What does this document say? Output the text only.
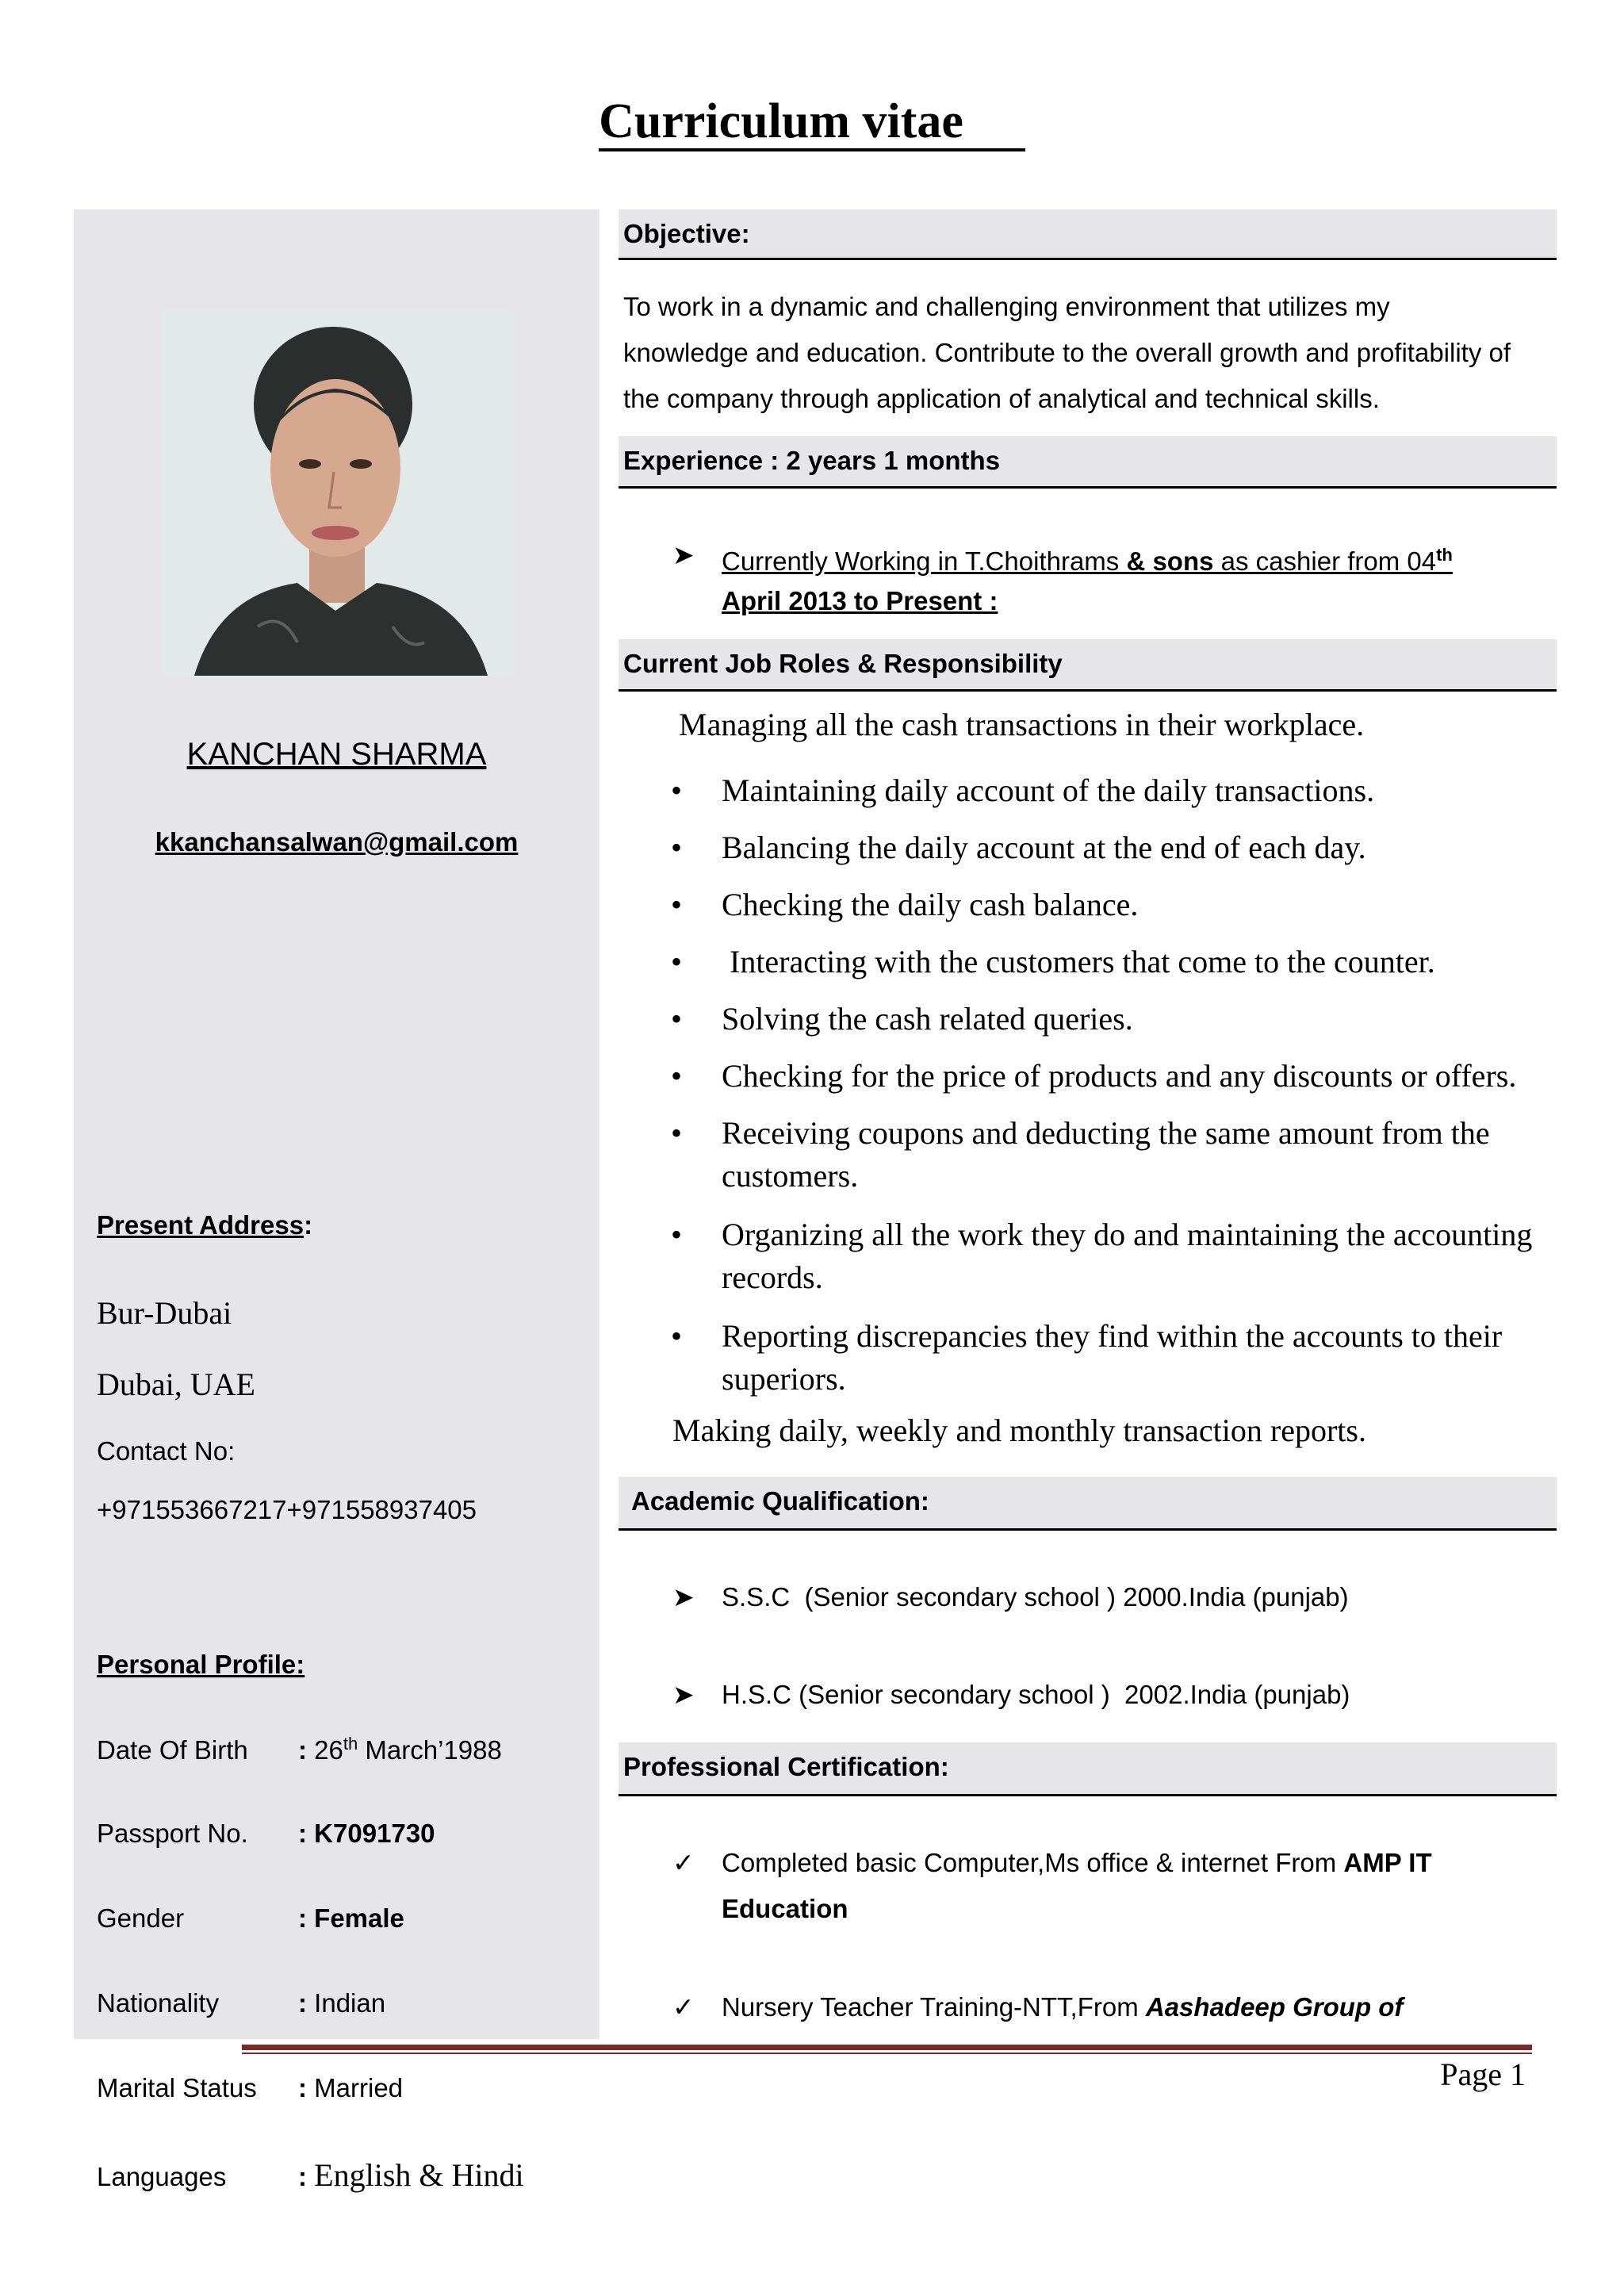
Curriculum vitae
KANCHAN SHARMA
kkanchansalwan@gmail.com
Present Address:
Bur-Dubai
Dubai, UAE
Contact No:
+971553667217+971558937405
Personal Profile:
Date Of Birth : 26th March’1988
Passport No. : K7091730
Gender	: Female
Nationality	: Indian
Marital Status : Married
Languages	: English & Hindi
Objective:
To work in a dynamic and challenging environment that utilizes my
knowledge and education. Contribute to the overall growth and profitability of
the company through application of analytical and technical skills.
Experience : 2 years 1 months
➤ Currently Working in T.Choithrams & sons as cashier from 04th
April 2013 to Present :
Current Job Roles & Responsibility
Managing all the cash transactions in their workplace.
• Maintaining daily account of the daily transactions.
• Balancing the daily account at the end of each day.
• Checking the daily cash balance.
• Interacting with the customers that come to the counter.
• Solving the cash related queries.
• Checking for the price of products and any discounts or offers.
• Receiving coupons and deducting the same amount from the customers.
• Organizing all the work they do and maintaining the accounting records.
• Reporting discrepancies they find within the accounts to their superiors.
Making daily, weekly and monthly transaction reports.
Academic Qualification:
➤ S.S.C  (Senior secondary school ) 2000.India (punjab)
➤ H.S.C (Senior secondary school )  2002.India (punjab)
Professional Certification:
✓ Completed basic Computer,Ms office & internet From AMP IT
Education
✓ Nursery Teacher Training-NTT,From Aashadeep Group of
Page 1
